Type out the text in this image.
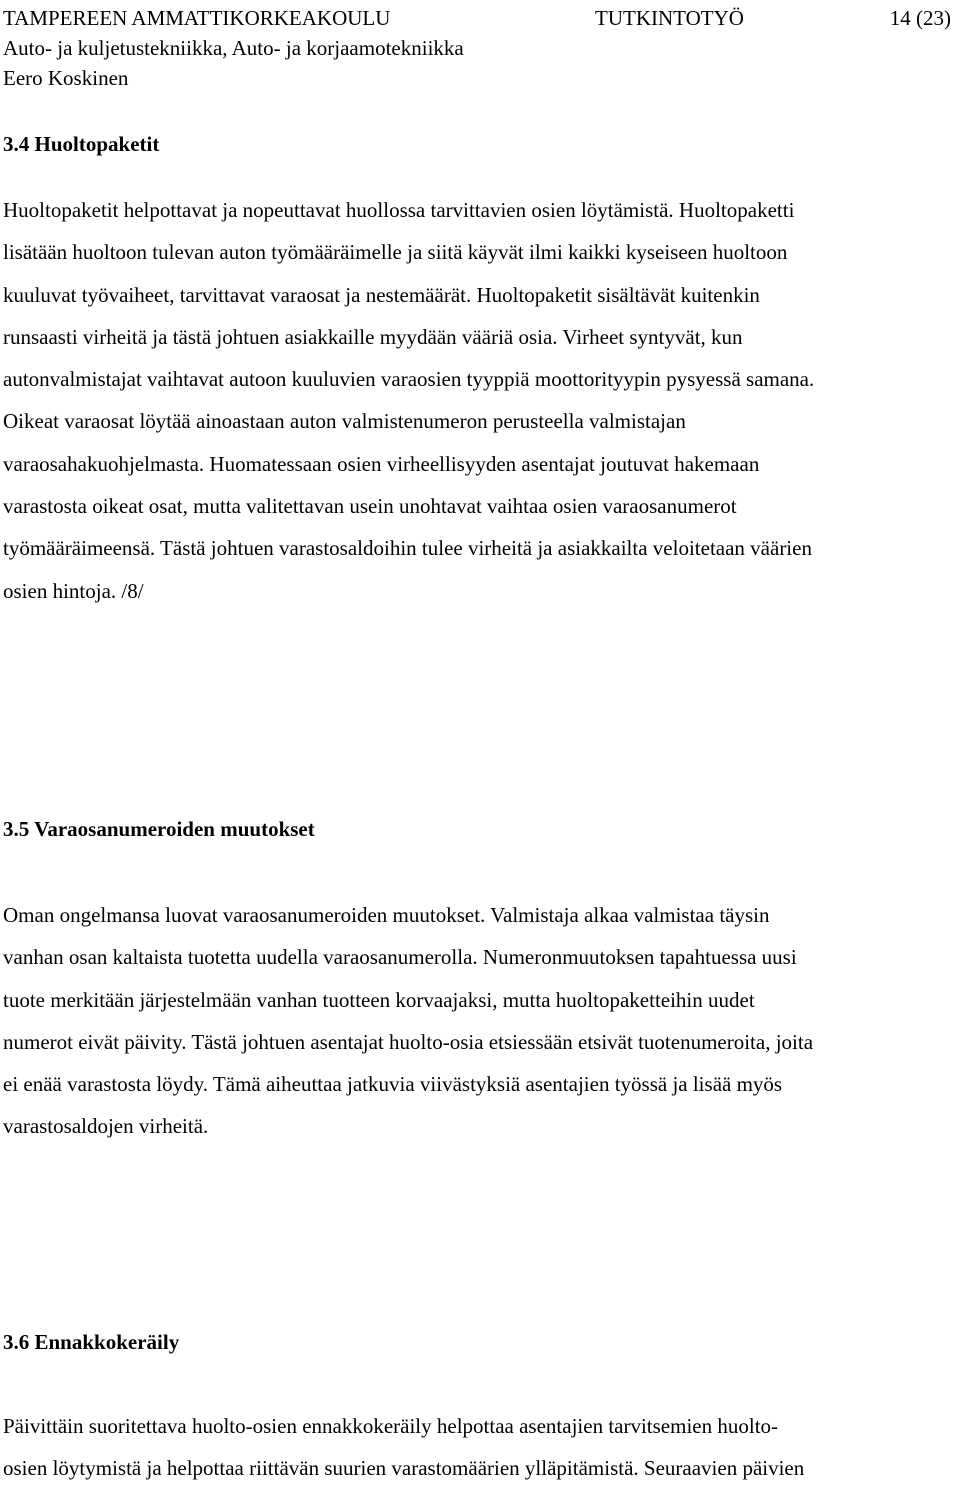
TAMPEREEN AMMATTIKORKEAKOULU	TUTKINTOTYÖ	14 (23)
Auto- ja kuljetustekniikka, Auto- ja korjaamotekniikka
Eero Koskinen
3.4 Huoltopaketit
Huoltopaketit helpottavat ja nopeuttavat huollossa tarvittavien osien löytämistä. Huoltopaketti
lisätään huoltoon tulevan auton työmääräimelle ja siitä käyvät ilmi kaikki kyseiseen huoltoon
kuuluvat työvaiheet, tarvittavat varaosat ja nestemäärät. Huoltopaketit sisältävät kuitenkin
runsaasti virheitä ja tästä johtuen asiakkaille myydään vääriä osia. Virheet syntyvät, kun
autonvalmistajat vaihtavat autoon kuuluvien varaosien tyyppiä moottorityypin pysyessä samana.
Oikeat varaosat löytää ainoastaan auton valmistenumeron perusteella valmistajan
varaosahakuohjelmasta. Huomatessaan osien virheellisyyden asentajat joutuvat hakemaan
varastosta oikeat osat, mutta valitettavan usein unohtavat vaihtaa osien varaosanumerot
työmääräimeensä. Tästä johtuen varastosaldoihin tulee virheitä ja asiakkailta veloitetaan väärien
osien hintoja. /8/
3.5 Varaosanumeroiden muutokset
Oman ongelmansa luovat varaosanumeroiden muutokset. Valmistaja alkaa valmistaa täysin
vanhan osan kaltaista tuotetta uudella varaosanumerolla. Numeronmuutoksen tapahtuessa uusi
tuote merkitään järjestelmään vanhan tuotteen korvaajaksi, mutta huoltopaketteihin uudet
numerot eivät päivity. Tästä johtuen asentajat huolto-osia etsiessään etsivät tuotenumeroita, joita
ei enää varastosta löydy. Tämä aiheuttaa jatkuvia viivästyksiä asentajien työssä ja lisää myös
varastosaldojen virheitä.
3.6 Ennakkokeräily
Päivittäin suoritettava huolto-osien ennakkokeräily helpottaa asentajien tarvitsemien huolto-
osien löytymistä ja helpottaa riittävän suurien varastomäärien ylläpitämistä. Seuraavien päivien
